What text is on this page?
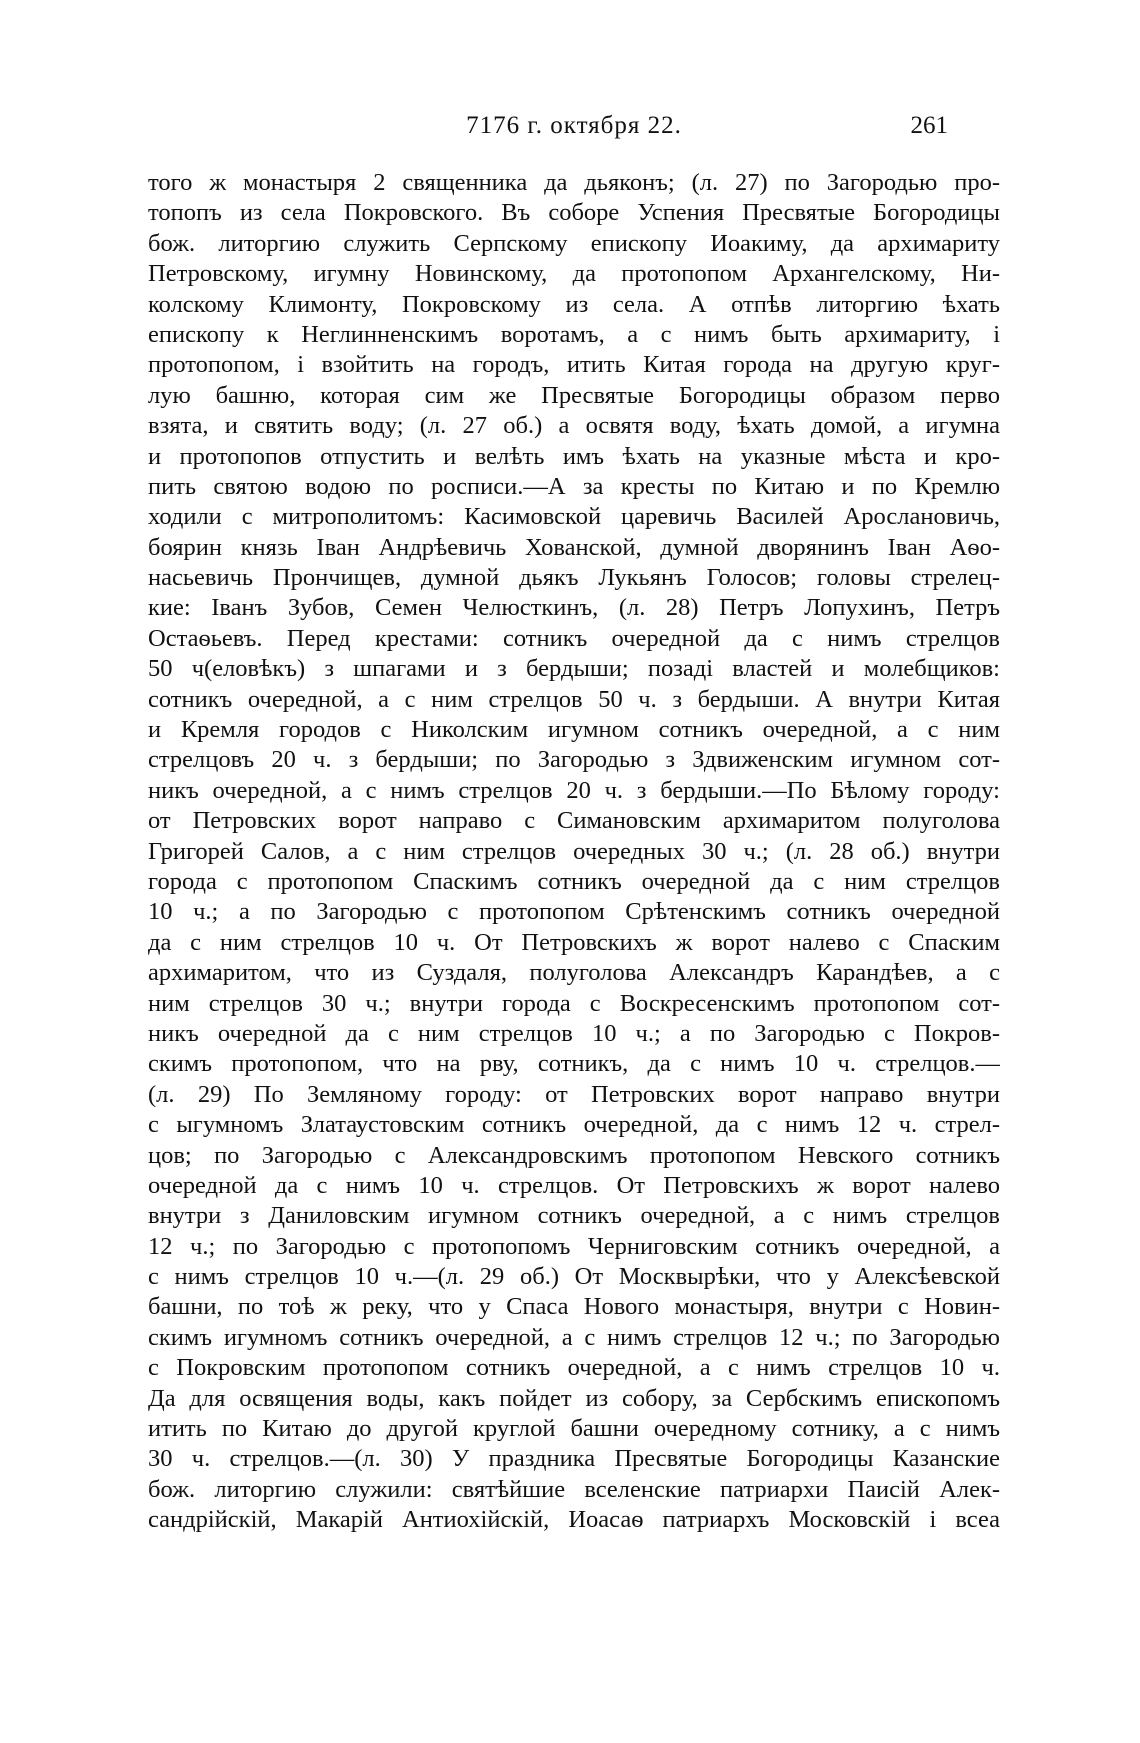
7176 г. октября 22.	261
того ж монастыря 2 священника да дьяконъ; (л. 27) по Загородью про-
топопъ из села Покровского. Въ соборе Успения Пресвятые Богородицы
бож. литоргию служить Серпскому епископу Иоакиму, да архимариту
Петровскому, игумну Новинскому, да протопопом Архангелскому, Ни-
колскому Климонту, Покровскому из села. А отпѣв литоргию ѣхать
епископу к Неглинненскимъ воротамъ, а с нимъ быть архимариту, і
протопопом, і взойтить на городъ, итить Китая города на другую круг-
лую башню, которая сим же Пресвятые Богородицы образом перво
взята, и святить воду; (л. 27 об.) а освятя воду, ѣхать домой, а игумна
и протопопов отпустить и велѣть имъ ѣхать на указные мѣста и кро-
пить святою водою по росписи.—А за кресты по Китаю и по Кремлю
ходили с митрополитомъ: Касимовской царевичь Василей Арослановичь,
боярин князь Іван Андрѣевичь Хованской, думной дворянинъ Іван Аѳо-
насьевичь Прончищев, думной дьякъ Лукьянъ Голосов; головы стрелец-
кие: Іванъ Зубов, Семен Челюсткинъ, (л. 28) Петръ Лопухинъ, Петръ
Остаѳьевъ. Перед крестами: сотникъ очередной да с нимъ стрелцов
50 ч(еловѣкъ) з шпагами и з бердыши; позаді властей и молебщиков:
сотникъ очередной, а с ним стрелцов 50 ч. з бердыши. А внутри Китая
и Кремля городов с Николским игумном сотникъ очередной, а с ним
стрелцовъ 20 ч. з бердыши; по Загородью з Здвиженским игумном сот-
никъ очередной, а с нимъ стрелцов 20 ч. з бердыши.—По Бѣлому городу:
от Петровских ворот направо с Симановским архимаритом полуголова
Григорей Салов, а с ним стрелцов очередных 30 ч.; (л. 28 об.) внутри
города с протопопом Спаскимъ сотникъ очередной да с ним стрелцов
10 ч.; а по Загородью с протопопом Срѣтенскимъ сотникъ очередной
да с ним стрелцов 10 ч. От Петровскихъ ж ворот налево с Спаским
архимаритом, что из Суздаля, полуголова Александръ Карандѣев, а с
ним стрелцов 30 ч.; внутри города с Воскресенскимъ протопопом сот-
никъ очередной да с ним стрелцов 10 ч.; а по Загородью с Покров-
скимъ протопопом, что на рву, сотникъ, да с нимъ 10 ч. стрелцов.—
(л. 29) По Земляному городу: от Петровских ворот направо внутри
с ыгумномъ Златаустовским сотникъ очередной, да с нимъ 12 ч. стрел-
цов; по Загородью с Александровскимъ протопопом Невского сотникъ
очередной да с нимъ 10 ч. стрелцов. От Петровскихъ ж ворот налево
внутри з Даниловским игумном сотникъ очередной, а с нимъ стрелцов
12 ч.; по Загородью с протопопомъ Черниговским сотникъ очередной, а
с нимъ стрелцов 10 ч.—(л. 29 об.) От Москвырѣки, что у Алексѣевской
башни, по тоѣ ж реку, что у Спаса Нового монастыря, внутри с Новин-
скимъ игумномъ сотникъ очередной, а с нимъ стрелцов 12 ч.; по Загородью
с Покровским протопопом сотникъ очередной, а с нимъ стрелцов 10 ч.
Да для освящения воды, какъ пойдет из собору, за Сербскимъ епископомъ
итить по Китаю до другой круглой башни очередному сотнику, а с нимъ
30 ч. стрелцов.—(л. 30) У праздника Пресвятые Богородицы Казанские
бож. литоргию служили: святѣйшие вселенские патриархи Паисій Алек-
сандрійскій, Макарій Антиохійскій, Иоасаѳ патриархъ Московскій і всеа
